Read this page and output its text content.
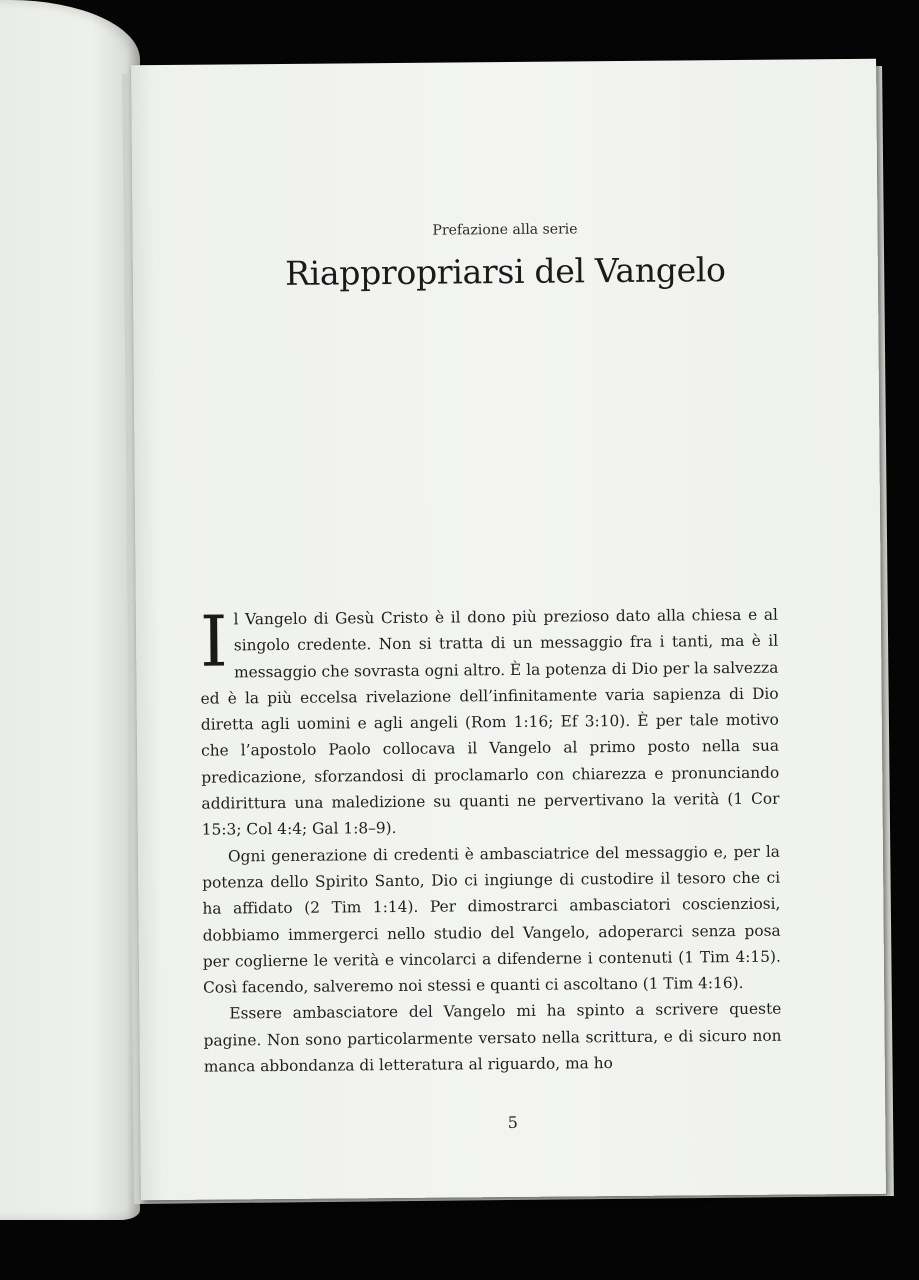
Prefazione alla serie
Riappropriarsi del Vangelo

Il Vangelo di Gesù Cristo è il dono più prezioso dato alla chiesa e al singolo credente. Non si tratta di un messaggio fra i tanti, ma è il messaggio che sovrasta ogni altro. È la potenza di Dio per la salvezza ed è la più eccelsa rivelazione dell’infinitamente varia sapienza di Dio diretta agli uomini e agli angeli (Rom 1:16; Ef 3:10). È per tale motivo che l’apostolo Paolo collocava il Vangelo al primo posto nella sua predicazione, sforzandosi di proclamarlo con chiarezza e pronunciando addirittura una maledizione su quanti ne pervertivano la verità (1 Cor 15:3; Col 4:4; Gal 1:8–9).

Ogni generazione di credenti è ambasciatrice del messaggio e, per la potenza dello Spirito Santo, Dio ci ingiunge di custodire il tesoro che ci ha affidato (2 Tim 1:14). Per dimostrarci ambasciatori coscienziosi, dobbiamo immergerci nello studio del Vangelo, adoperarci senza posa per coglierne le verità e vincolarci a difenderne i contenuti (1 Tim 4:15). Così facendo, salveremo noi stessi e quanti ci ascoltano (1 Tim 4:16).

Essere ambasciatore del Vangelo mi ha spinto a scrivere queste pagine. Non sono particolarmente versato nella scrittura, e di sicuro non manca abbondanza di letteratura al riguardo, ma ho

5
